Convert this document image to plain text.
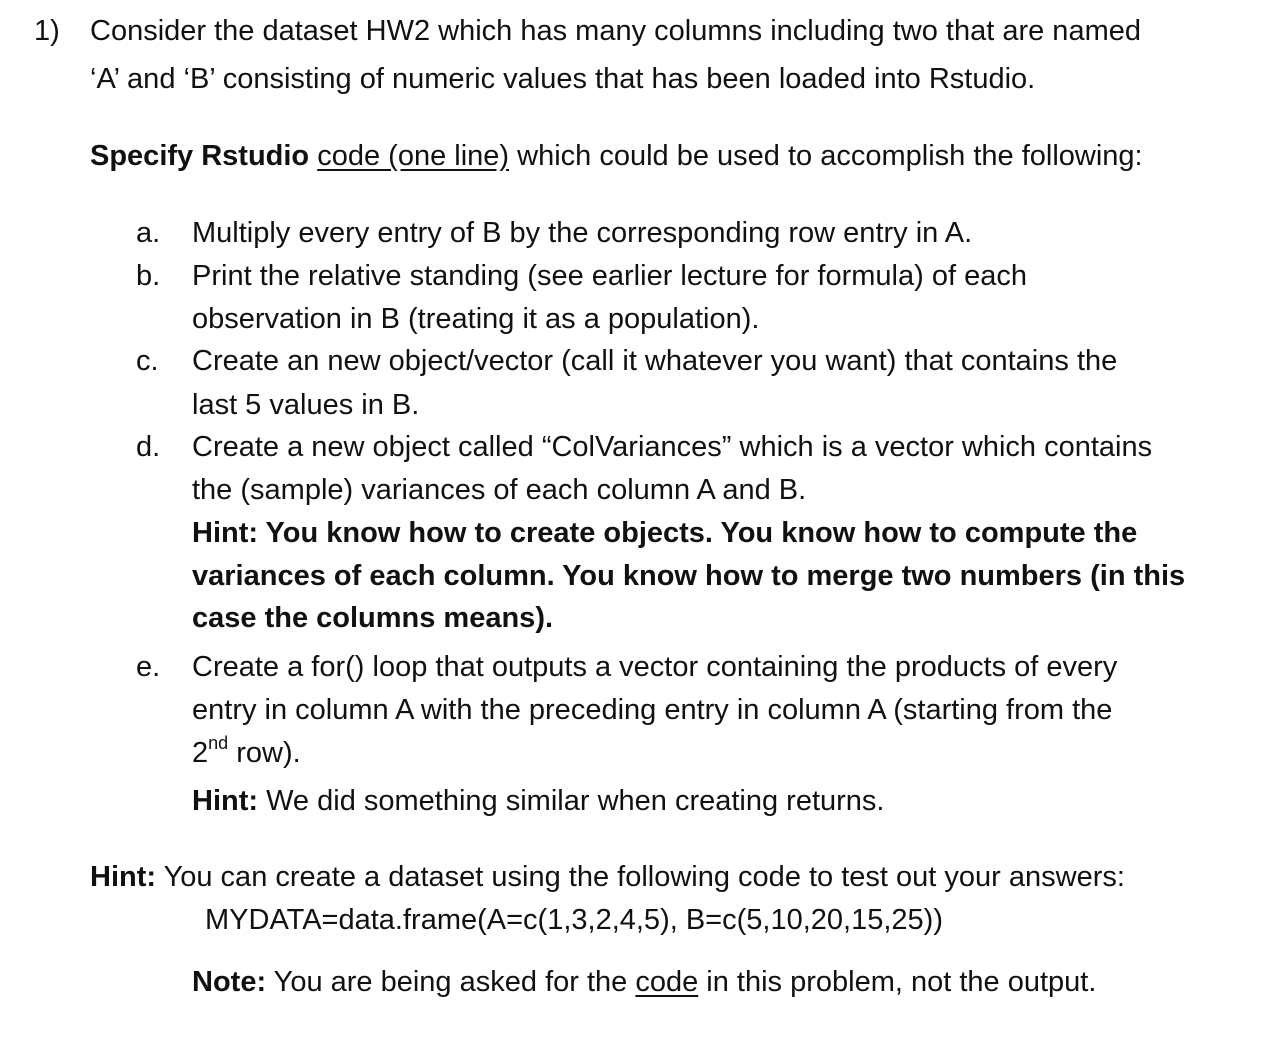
1) Consider the dataset HW2 which has many columns including two that are named
‘A’ and ‘B’ consisting of numeric values that has been loaded into Rstudio.
Specify Rstudio code (one line) which could be used to accomplish the following:
a. Multiply every entry of B by the corresponding row entry in A.
b. Print the relative standing (see earlier lecture for formula) of each
observation in B (treating it as a population).
c. Create an new object/vector (call it whatever you want) that contains the
last 5 values in B.
d. Create a new object called “ColVariances” which is a vector which contains
the (sample) variances of each column A and B.
Hint: You know how to create objects. You know how to compute the
variances of each column. You know how to merge two numbers (in this
case the columns means).
e. Create a for() loop that outputs a vector containing the products of every
entry in column A with the preceding entry in column A (starting from the
2nd row).
Hint: We did something similar when creating returns.
Hint: You can create a dataset using the following code to test out your answers:
MYDATA=data.frame(A=c(1,3,2,4,5), B=c(5,10,20,15,25))
Note: You are being asked for the code in this problem, not the output.
